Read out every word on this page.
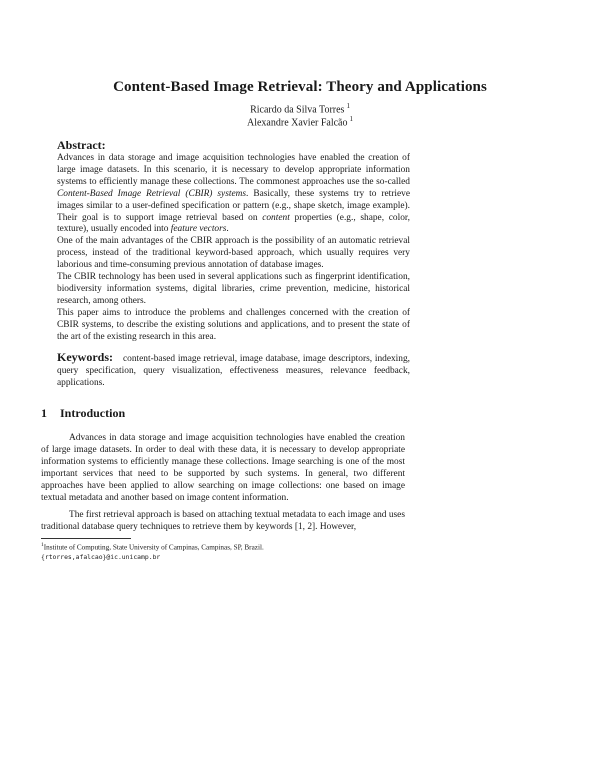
Content-Based Image Retrieval: Theory and Applications
Ricardo da Silva Torres $^1$
Alexandre Xavier Falcão $^1$
Abstract:

Advances in data storage and image acquisition technologies have enabled the creation of large image datasets. In this scenario, it is necessary to develop appropriate information systems to efficiently manage these collections. The commonest approaches use the so-called Content-Based Image Retrieval (CBIR) systems. Basically, these systems try to retrieve images similar to a user-defined specification or pattern (e.g., shape sketch, image example). Their goal is to support image retrieval based on content properties (e.g., shape, color, texture), usually encoded into feature vectors.

One of the main advantages of the CBIR approach is the possibility of an automatic retrieval process, instead of the traditional keyword-based approach, which usually requires very laborious and time-consuming previous annotation of database images.

The CBIR technology has been used in several applications such as fingerprint identification, biodiversity information systems, digital libraries, crime prevention, medicine, historical research, among others.

This paper aims to introduce the problems and challenges concerned with the creation of CBIR systems, to describe the existing solutions and applications, and to present the state of the art of the existing research in this area.

Keywords: content-based image retrieval, image database, image descriptors, indexing, query specification, query visualization, effectiveness measures, relevance feedback, applications.
1 Introduction

Advances in data storage and image acquisition technologies have enabled the creation of large image datasets. In order to deal with these data, it is necessary to develop appropriate information systems to efficiently manage these collections. Image searching is one of the most important services that need to be supported by such systems. In general, two different approaches have been applied to allow searching on image collections: one based on image textual metadata and another based on image content information.

The first retrieval approach is based on attaching textual metadata to each image and uses traditional database query techniques to retrieve them by keywords [1, 2]. However,

$^1$Institute of Computing, State University of Campinas, Campinas, SP, Brazil.
{rtorres,afalcao}@ic.unicamp.br
